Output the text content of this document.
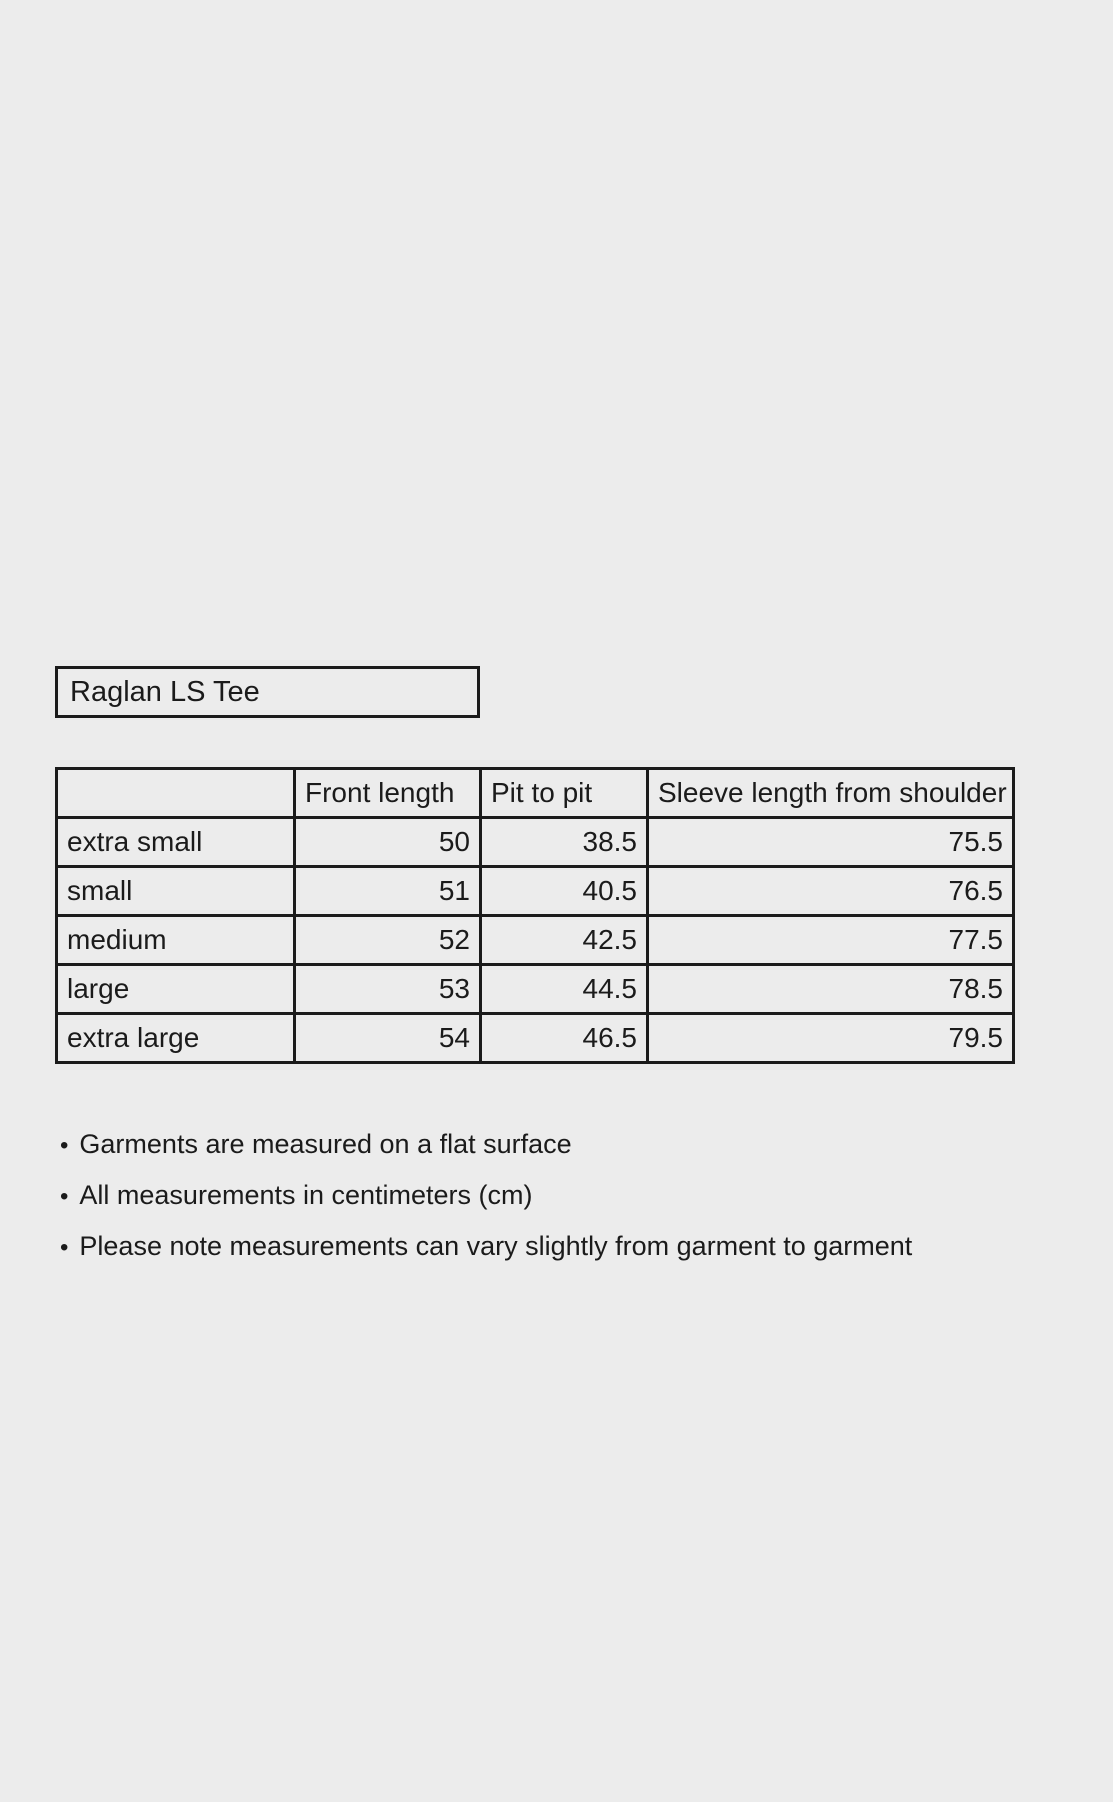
Raglan LS Tee
	Front length	Pit to pit	Sleeve length from shoulder
extra small	50	38.5	75.5
small	51	40.5	76.5
medium	52	42.5	77.5
large	53	44.5	78.5
extra large	54	46.5	79.5
• Garments are measured on a flat surface
• All measurements in centimeters (cm)
• Please note measurements can vary slightly from garment to garment
